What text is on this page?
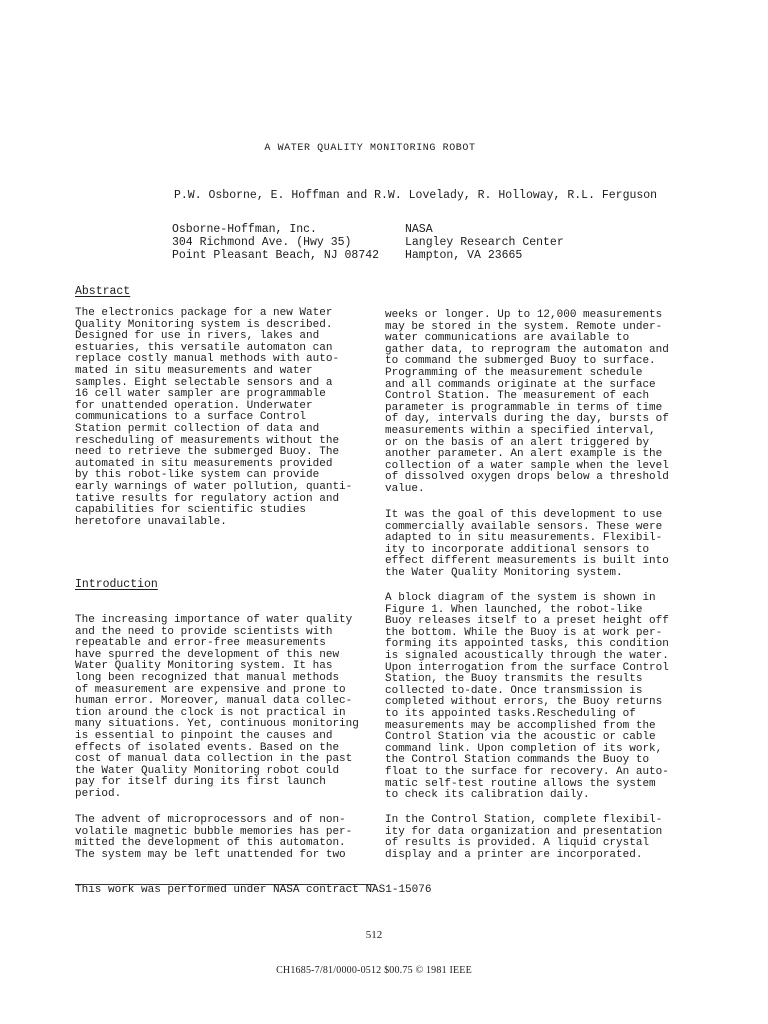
A WATER QUALITY MONITORING ROBOT
P.W. Osborne, E. Hoffman and R.W. Lovelady, R. Holloway, R.L. Ferguson
Osborne-Hoffman, Inc.
304 Richmond Ave. (Hwy 35)
Point Pleasant Beach, NJ 08742
NASA
Langley Research Center
Hampton, VA 23665
Abstract

The electronics package for a new Water
Quality Monitoring system is described.
Designed for use in rivers, lakes and
estuaries, this versatile automaton can
replace costly manual methods with auto-
mated in situ measurements and water
samples. Eight selectable sensors and a
16 cell water sampler are programmable
for unattended operation. Underwater
communications to a surface Control
Station permit collection of data and
rescheduling of measurements without the
need to retrieve the submerged Buoy. The
automated in situ measurements provided
by this robot-like system can provide
early warnings of water pollution, quanti-
tative results for regulatory action and
capabilities for scientific studies
heretofore unavailable.

Introduction

The increasing importance of water quality
and the need to provide scientists with
repeatable and error-free measurements
have spurred the development of this new
Water Quality Monitoring system. It has
long been recognized that manual methods
of measurement are expensive and prone to
human error. Moreover, manual data collec-
tion around the clock is not practical in
many situations. Yet, continuous monitoring
is essential to pinpoint the causes and
effects of isolated events. Based on the
cost of manual data collection in the past
the Water Quality Monitoring robot could
pay for itself during its first launch
period.

The advent of microprocessors and of non-
volatile magnetic bubble memories has per-
mitted the development of this automaton.
The system may be left unattended for two

weeks or longer. Up to 12,000 measurements
may be stored in the system. Remote under-
water communications are available to
gather data, to reprogram the automaton and
to command the submerged Buoy to surface.
Programming of the measurement schedule
and all commands originate at the surface
Control Station. The measurement of each
parameter is programmable in terms of time
of day, intervals during the day, bursts of
measurements within a specified interval,
or on the basis of an alert triggered by
another parameter. An alert example is the
collection of a water sample when the level
of dissolved oxygen drops below a threshold
value.

It was the goal of this development to use
commercially available sensors. These were
adapted to in situ measurements. Flexibil-
ity to incorporate additional sensors to
effect different measurements is built into
the Water Quality Monitoring system.

A block diagram of the system is shown in
Figure 1. When launched, the robot-like
Buoy releases itself to a preset height off
the bottom. While the Buoy is at work per-
forming its appointed tasks, this condition
is signaled acoustically through the water.
Upon interrogation from the surface Control
Station, the Buoy transmits the results
collected to-date. Once transmission is
completed without errors, the Buoy returns
to its appointed tasks.Rescheduling of
measurements may be accomplished from the
Control Station via the acoustic or cable
command link. Upon completion of its work,
the Control Station commands the Buoy to
float to the surface for recovery. An auto-
matic self-test routine allows the system
to check its calibration daily.

In the Control Station, complete flexibil-
ity for data organization and presentation
of results is provided. A liquid crystal
display and a printer are incorporated.

This work was performed under NASA contract NAS1-15076
512
CH1685-7/81/0000-0512 $00.75 © 1981 IEEE
